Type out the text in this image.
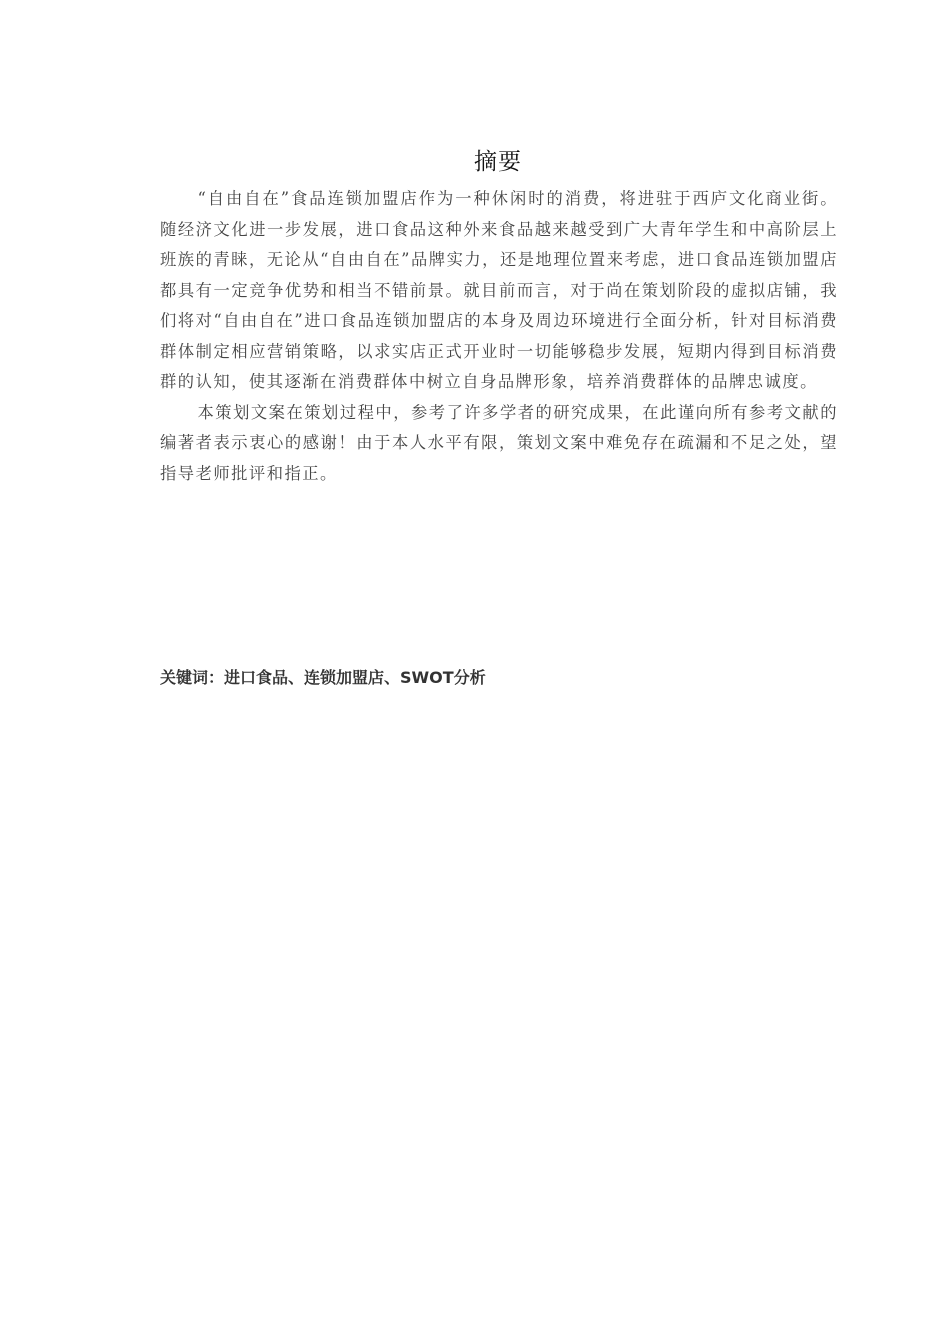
摘要

“自由自在”食品连锁加盟店作为一种休闲时的消费，将进驻于西庐文化商业街。随经济文化进一步发展，进口食品这种外来食品越来越受到广大青年学生和中高阶层上班族的青睐，无论从“自由自在”品牌实力，还是地理位置来考虑，进口食品连锁加盟店都具有一定竞争优势和相当不错前景。就目前而言，对于尚在策划阶段的虚拟店铺，我们将对“自由自在”进口食品连锁加盟店的本身及周边环境进行全面分析，针对目标消费群体制定相应营销策略，以求实店正式开业时一切能够稳步发展，短期内得到目标消费群的认知，使其逐渐在消费群体中树立自身品牌形象，培养消费群体的品牌忠诚度。

本策划文案在策划过程中，参考了许多学者的研究成果，在此谨向所有参考文献的编著者表示衷心的感谢！由于本人水平有限，策划文案中难免存在疏漏和不足之处，望指导老师批评和指正。

关键词：进口食品、连锁加盟店、SWOT分析
